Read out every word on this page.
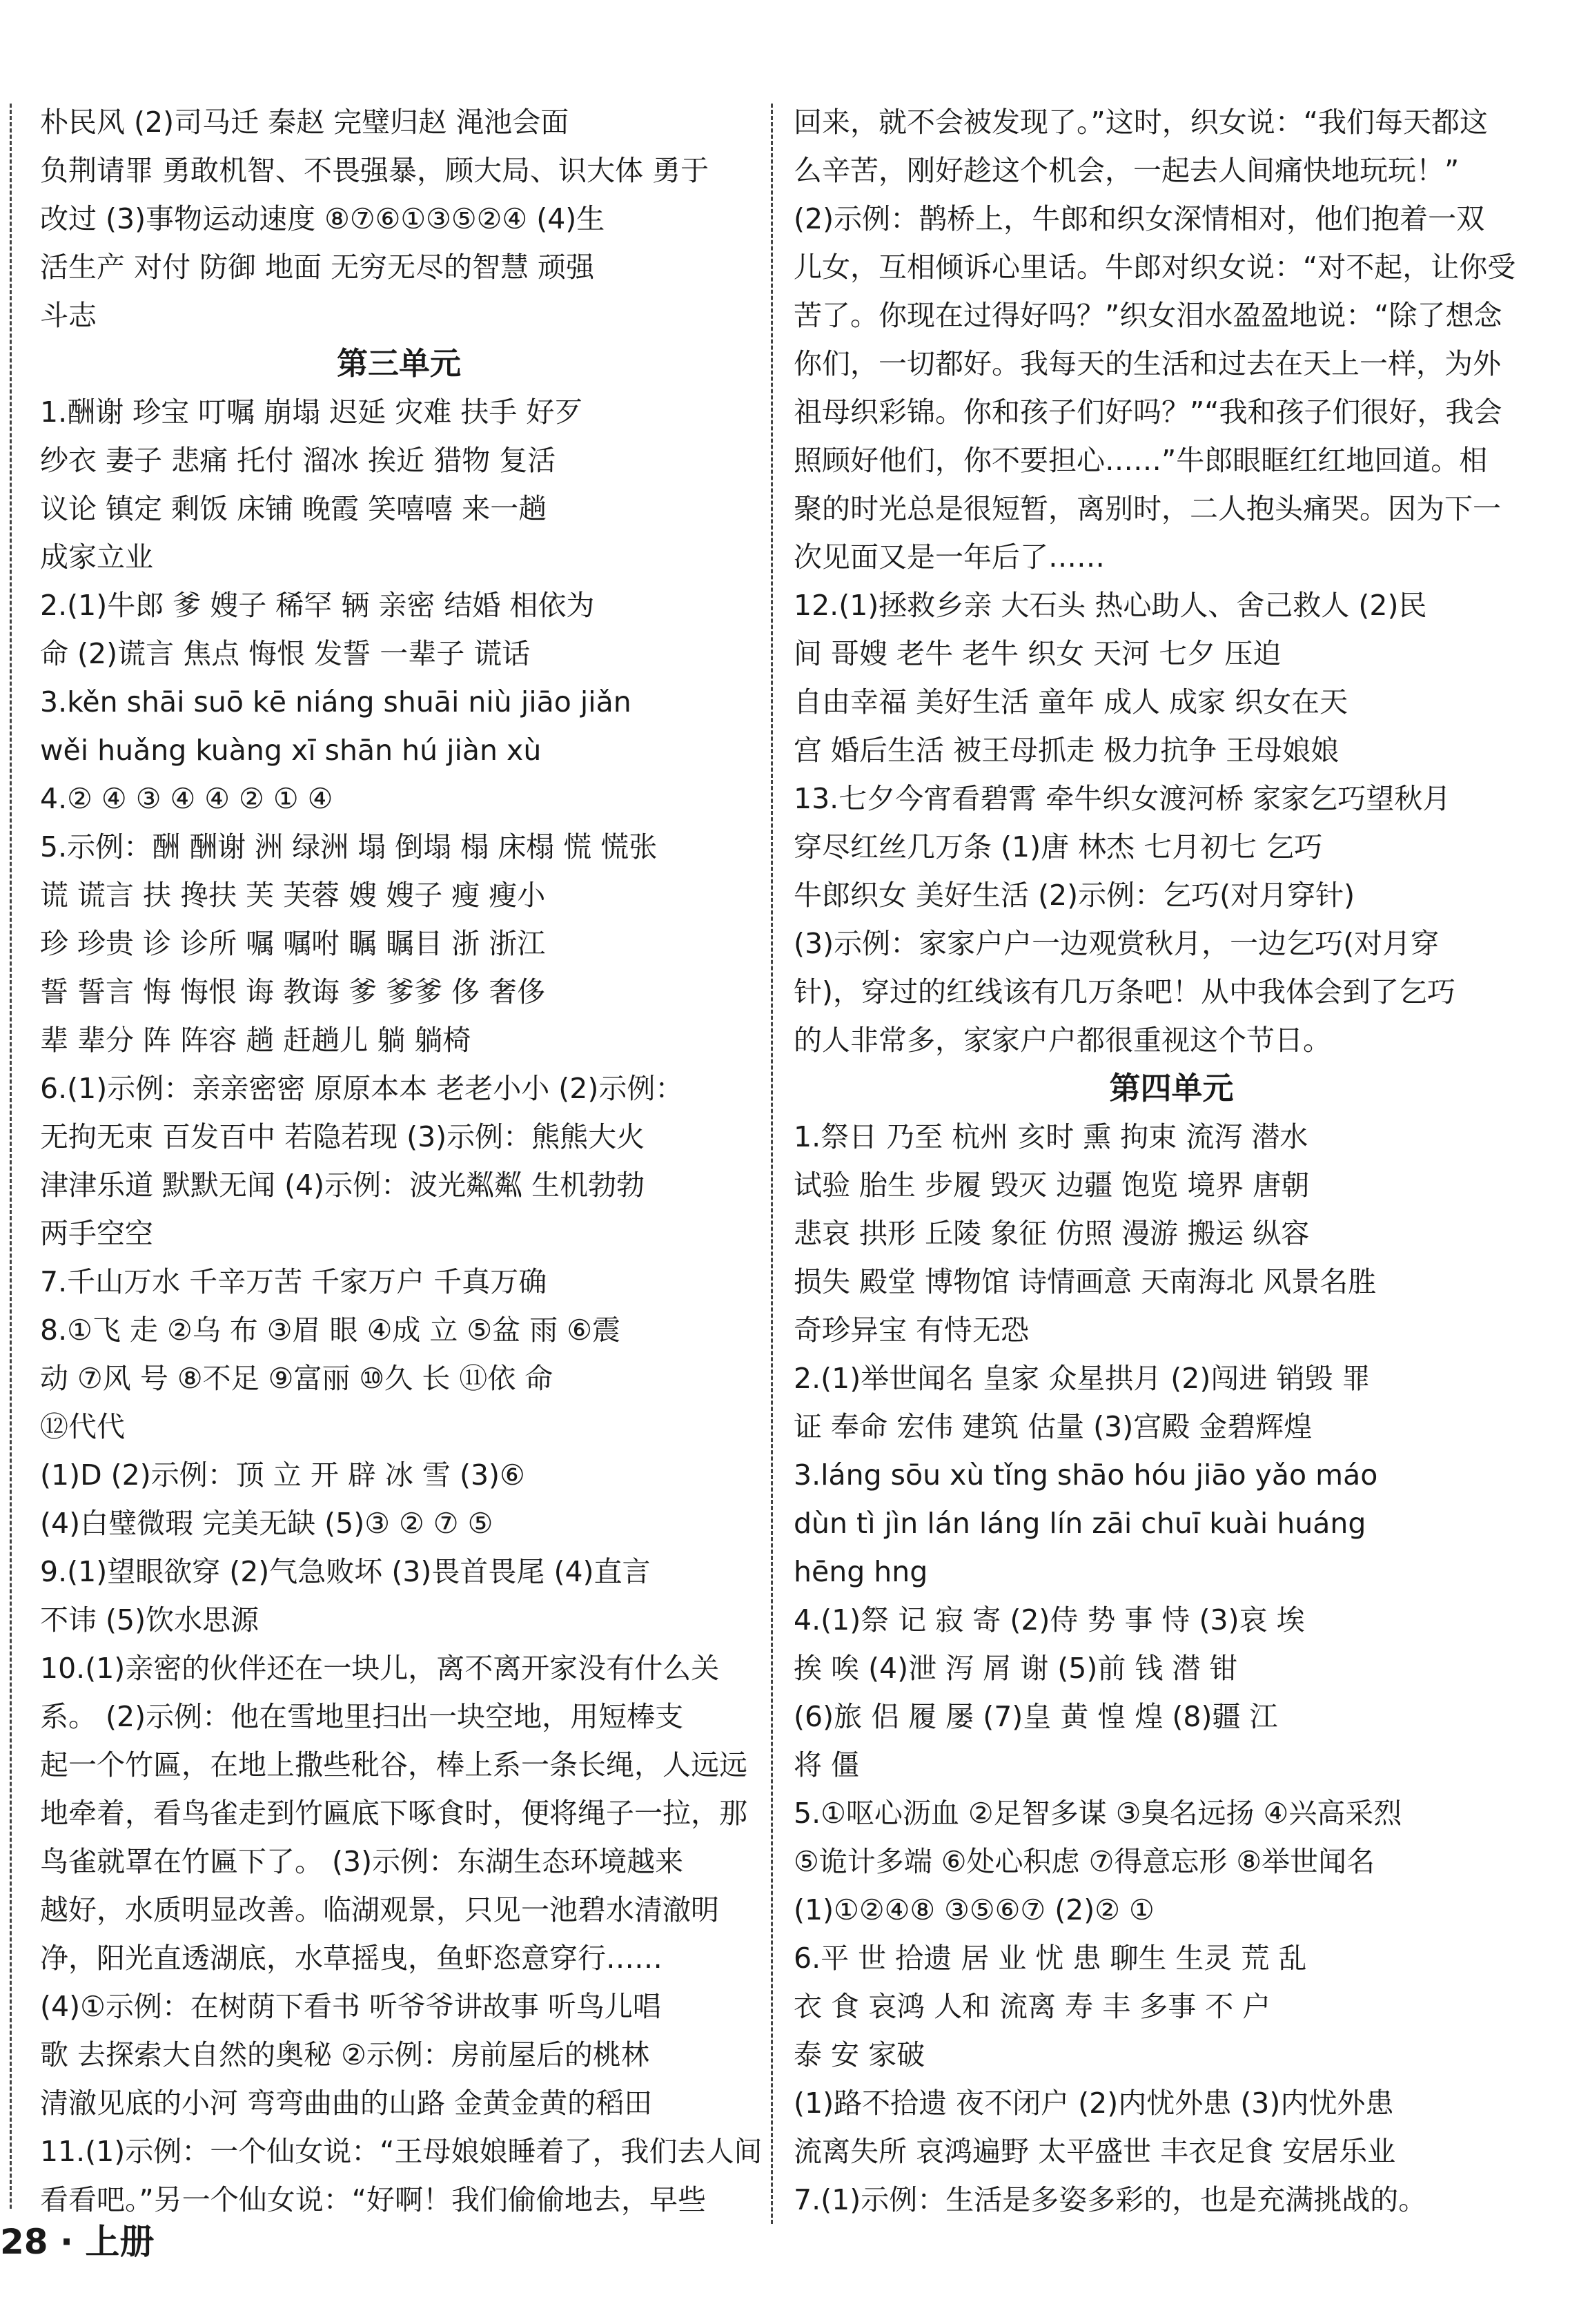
朴民风 (2)司马迁 秦赵 完璧归赵 渑池会面
负荆请罪 勇敢机智、不畏强暴，顾大局、识大体 勇于
改过 (3)事物运动速度 ⑧⑦⑥①③⑤②④ (4)生
活生产 对付 防御 地面 无穷无尽的智慧 顽强
斗志
第三单元
1.酬谢 珍宝 叮嘱 崩塌 迟延 灾难 扶手 好歹
纱衣 妻子 悲痛 托付 溜冰 挨近 猎物 复活
议论 镇定 剩饭 床铺 晚霞 笑嘻嘻 来一趟
成家立业
2.(1)牛郎 爹 嫂子 稀罕 辆 亲密 结婚 相依为
命 (2)谎言 焦点 悔恨 发誓 一辈子 谎话
3.kěn shāi suō kē niáng shuāi niù jiāo jiǎn
wěi huǎng kuàng xī shān hú jiàn xù
4.② ④ ③ ④ ④ ② ① ④
5.示例：酬 酬谢 洲 绿洲 塌 倒塌 榻 床榻 慌 慌张
谎 谎言 扶 搀扶 芙 芙蓉 嫂 嫂子 瘦 瘦小
珍 珍贵 诊 诊所 嘱 嘱咐 瞩 瞩目 浙 浙江
誓 誓言 悔 悔恨 诲 教诲 爹 爹爹 侈 奢侈
辈 辈分 阵 阵容 趟 赶趟儿 躺 躺椅
6.(1)示例：亲亲密密 原原本本 老老小小 (2)示例：
无拘无束 百发百中 若隐若现 (3)示例：熊熊大火
津津乐道 默默无闻 (4)示例：波光粼粼 生机勃勃
两手空空
7.千山万水 千辛万苦 千家万户 千真万确
8.①飞 走 ②乌 布 ③眉 眼 ④成 立 ⑤盆 雨 ⑥震
动 ⑦风 号 ⑧不足 ⑨富丽 ⑩久 长 ⑪依 命
⑫代代
(1)D (2)示例：顶 立 开 辟 冰 雪 (3)⑥
(4)白璧微瑕 完美无缺 (5)③ ② ⑦ ⑤
9.(1)望眼欲穿 (2)气急败坏 (3)畏首畏尾 (4)直言
不讳 (5)饮水思源
10.(1)亲密的伙伴还在一块儿，离不离开家没有什么关
系。 (2)示例：他在雪地里扫出一块空地，用短棒支
起一个竹匾，在地上撒些秕谷，棒上系一条长绳，人远远
地牵着，看鸟雀走到竹匾底下啄食时，便将绳子一拉，那
鸟雀就罩在竹匾下了。 (3)示例：东湖生态环境越来
越好，水质明显改善。临湖观景，只见一池碧水清澈明
净，阳光直透湖底，水草摇曳，鱼虾恣意穿行……
(4)①示例：在树荫下看书 听爷爷讲故事 听鸟儿唱
歌 去探索大自然的奥秘 ②示例：房前屋后的桃林
清澈见底的小河 弯弯曲曲的山路 金黄金黄的稻田
11.(1)示例：一个仙女说：“王母娘娘睡着了，我们去人间
看看吧。”另一个仙女说：“好啊！我们偷偷地去，早些
回来，就不会被发现了。”这时，织女说：“我们每天都这
么辛苦，刚好趁这个机会，一起去人间痛快地玩玩！”
(2)示例：鹊桥上，牛郎和织女深情相对，他们抱着一双
儿女，互相倾诉心里话。牛郎对织女说：“对不起，让你受
苦了。你现在过得好吗？”织女泪水盈盈地说：“除了想念
你们，一切都好。我每天的生活和过去在天上一样，为外
祖母织彩锦。你和孩子们好吗？”“我和孩子们很好，我会
照顾好他们，你不要担心……”牛郎眼眶红红地回道。相
聚的时光总是很短暂，离别时，二人抱头痛哭。因为下一
次见面又是一年后了……
12.(1)拯救乡亲 大石头 热心助人、舍己救人 (2)民
间 哥嫂 老牛 老牛 织女 天河 七夕 压迫
自由幸福 美好生活 童年 成人 成家 织女在天
宫 婚后生活 被王母抓走 极力抗争 王母娘娘
13.七夕今宵看碧霄 牵牛织女渡河桥 家家乞巧望秋月
穿尽红丝几万条 (1)唐 林杰 七月初七 乞巧
牛郎织女 美好生活 (2)示例：乞巧(对月穿针)
(3)示例：家家户户一边观赏秋月，一边乞巧(对月穿
针)，穿过的红线该有几万条吧！从中我体会到了乞巧
的人非常多，家家户户都很重视这个节日。
第四单元
1.祭日 乃至 杭州 亥时 熏 拘束 流泻 潜水
试验 胎生 步履 毁灭 边疆 饱览 境界 唐朝
悲哀 拱形 丘陵 象征 仿照 漫游 搬运 纵容
损失 殿堂 博物馆 诗情画意 天南海北 风景名胜
奇珍异宝 有恃无恐
2.(1)举世闻名 皇家 众星拱月 (2)闯进 销毁 罪
证 奉命 宏伟 建筑 估量 (3)宫殿 金碧辉煌
3.láng sōu xù tǐng shāo hóu jiāo yǎo máo
dùn tì jìn lán láng lín zāi chuī kuài huáng
hēng hng
4.(1)祭 记 寂 寄 (2)侍 势 事 恃 (3)哀 埃
挨 唉 (4)泄 泻 屑 谢 (5)前 钱 潜 钳
(6)旅 侣 履 屡 (7)皇 黄 惶 煌 (8)疆 江
将 僵
5.①呕心沥血 ②足智多谋 ③臭名远扬 ④兴高采烈
⑤诡计多端 ⑥处心积虑 ⑦得意忘形 ⑧举世闻名
(1)①②④⑧ ③⑤⑥⑦ (2)② ①
6.平 世 拾遗 居 业 忧 患 聊生 生灵 荒 乱
衣 食 哀鸿 人和 流离 寿 丰 多事 不 户
泰 安 家破
(1)路不拾遗 夜不闭户 (2)内忧外患 (3)内忧外患
流离失所 哀鸿遍野 太平盛世 丰衣足食 安居乐业
7.(1)示例：生活是多姿多彩的，也是充满挑战的。
28 · 上册
